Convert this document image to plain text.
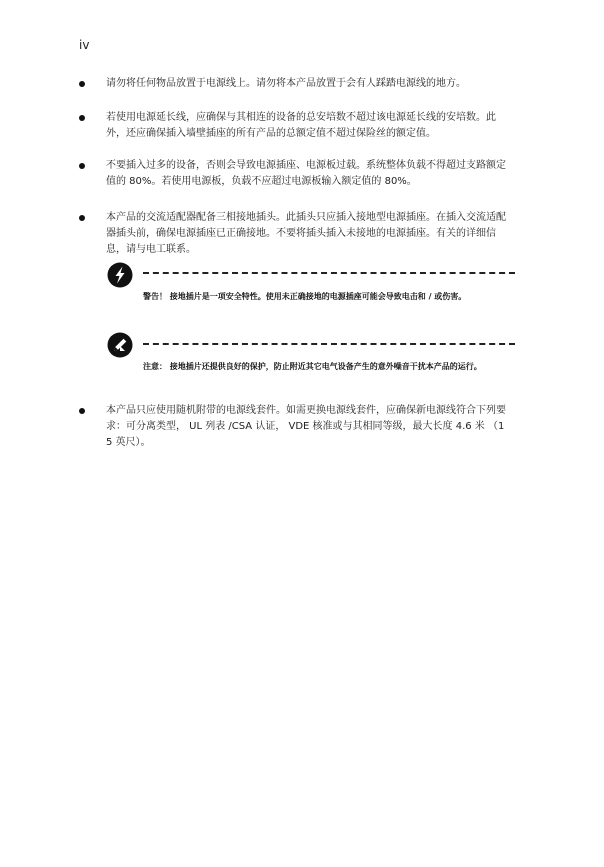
iv
请勿将任何物品放置于电源线上。请勿将本产品放置于会有人踩踏电源线的地方。
若使用电源延长线，应确保与其相连的设备的总安培数不超过该电源延长线的安培数。此外，还应确保插入墙壁插座的所有产品的总额定值不超过保险丝的额定值。
不要插入过多的设备，否则会导致电源插座、电源板过载。系统整体负载不得超过支路额定值的 80%。若使用电源板，负载不应超过电源板输入额定值的 80%。
本产品的交流适配器配备三相接地插头。此插头只应插入接地型电源插座。在插入交流适配器插头前，确保电源插座已正确接地。不要将插头插入未接地的电源插座。有关的详细信息，请与电工联系。
警告！ 接地插片是一项安全特性。使用未正确接地的电源插座可能会导致电击和 / 或伤害。
注意： 接地插片还提供良好的保护，防止附近其它电气设备产生的意外噪音干扰本产品的运行。
本产品只应使用随机附带的电源线套件。如需更换电源线套件，应确保新电源线符合下列要求：可分离类型， UL 列表 /CSA 认证， VDE 核准或与其相同等级，最大长度 4.6 米 （15 英尺）。
